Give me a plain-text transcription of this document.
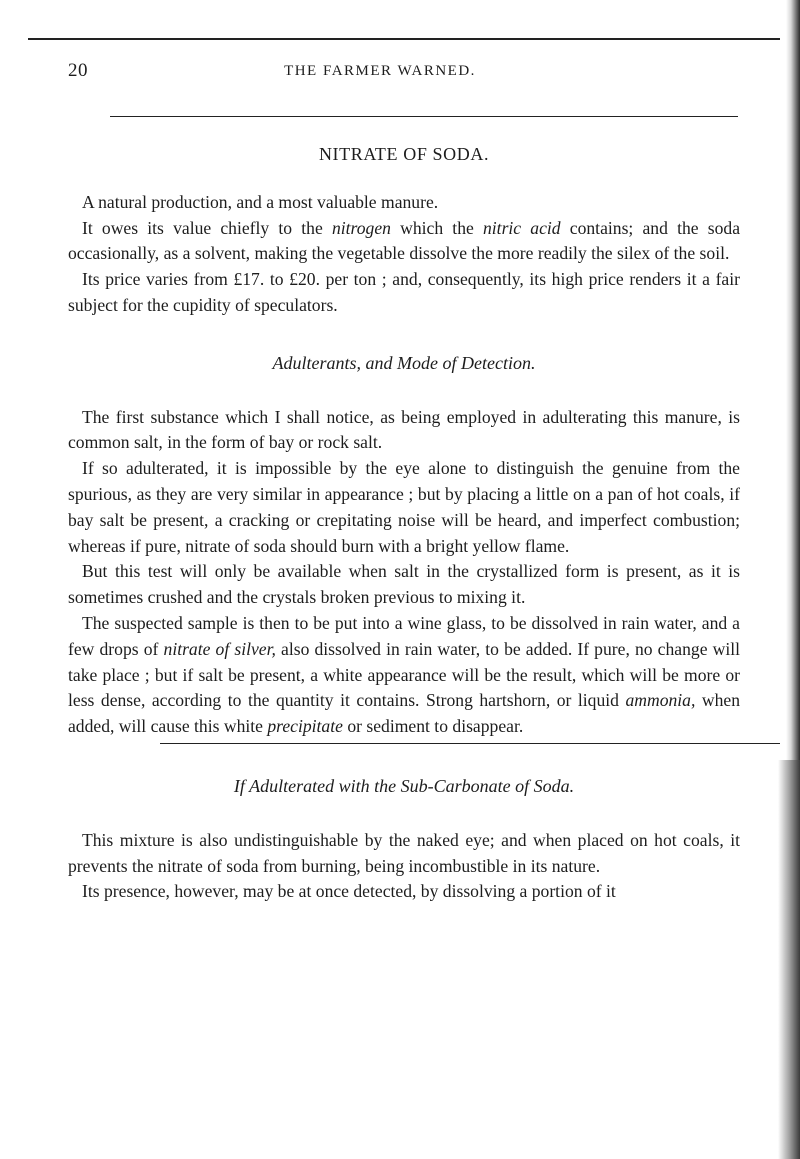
20	THE FARMER WARNED.

NITRATE OF SODA.

A natural production, and a most valuable manure.

It owes its value chiefly to the nitrogen which the nitric acid contains; and the soda occasionally, as a solvent, making the vegetable dissolve the more readily the silex of the soil.

Its price varies from £17. to £20. per ton ; and, consequently, its high price renders it a fair subject for the cupidity of speculators.

Adulterants, and Mode of Detection.

The first substance which I shall notice, as being employed in adulterating this manure, is common salt, in the form of bay or rock salt.

If so adulterated, it is impossible by the eye alone to distinguish the genuine from the spurious, as they are very similar in appearance ; but by placing a little on a pan of hot coals, if bay salt be present, a cracking or crepitating noise will be heard, and imperfect combustion; whereas if pure, nitrate of soda should burn with a bright yellow flame.

But this test will only be available when salt in the crystallized form is present, as it is sometimes crushed and the crystals broken previous to mixing it.

The suspected sample is then to be put into a wine glass, to be dissolved in rain water, and a few drops of nitrate of silver, also dissolved in rain water, to be added. If pure, no change will take place ; but if salt be present, a white appearance will be the result, which will be more or less dense, according to the quantity it contains. Strong hartshorn, or liquid ammonia, when added, will cause this white precipitate or sediment to disappear.

If Adulterated with the Sub-Carbonate of Soda.

This mixture is also undistinguishable by the naked eye; and when placed on hot coals, it prevents the nitrate of soda from burning, being incombustible in its nature.

Its presence, however, may be at once detected, by dissolving a portion of it
